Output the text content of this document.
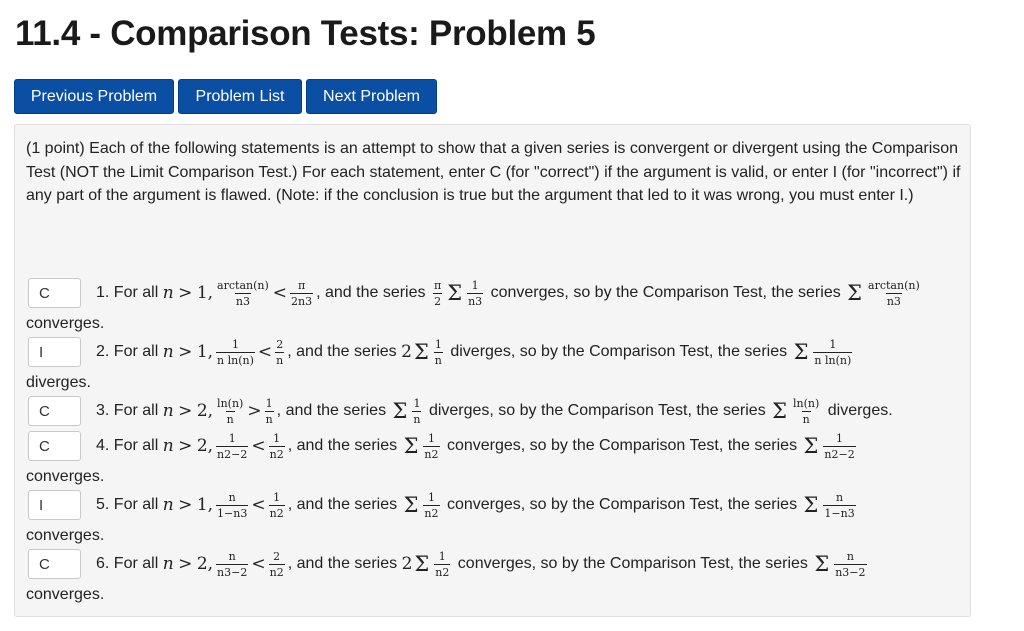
11.4 - Comparison Tests: Problem 5
Previous Problem	Problem List	Next Problem

(1 point) Each of the following statements is an attempt to show that a given series is convergent or divergent using the Comparison Test (NOT the Limit Comparison Test.) For each statement, enter C (for "correct") if the argument is valid, or enter I (for "incorrect") if any part of the argument is flawed. (Note: if the conclusion is true but the argument that led to it was wrong, you must enter I.)

C
1.
For all
n
>
1, $\frac{\arctan(n)}{n3} < \frac{\pi}{2n3}$ , and the series
$\frac{\pi}{2}$ Σ $\frac{1}{n3}$
converges, so by the Comparison Test, the series
Σ $\frac{\arctan(n)}{n3}$
converges.
I
2.
For all
n
>
1, $\frac{1}{\text{n ln(n)}} < \frac{2}{n}$ , and the series
2 Σ $\frac{1}{n}$
diverges, so by the Comparison Test, the series
Σ $\frac{1}{\text{n ln(n)}}$
diverges.
C
3.
For all
n
>
2, $\frac{\ln(n)}{n} > \frac{1}{n}$ , and the series
Σ $\frac{1}{n}$
diverges, so by the Comparison Test, the series
Σ $\frac{\ln(n)}{n}$
diverges.
C
4.
For all
n
>
2, $\frac{1}{n2-2} < \frac{1}{n2}$ , and the series
Σ $\frac{1}{n2}$
converges, so by the Comparison Test, the series
Σ $\frac{1}{n2-2}$
converges.
I
5.
For all
n
>
1, $\frac{n}{1-n3} < \frac{1}{n2}$ , and the series
Σ $\frac{1}{n2}$
converges, so by the Comparison Test, the series
Σ $\frac{n}{1-n3}$
converges.
C
6.
For all
n
>
2, $\frac{n}{n3-2} < \frac{2}{n2}$ , and the series
2 Σ $\frac{1}{n2}$
converges, so by the Comparison Test, the series
Σ $\frac{n}{n3-2}$
converges.
